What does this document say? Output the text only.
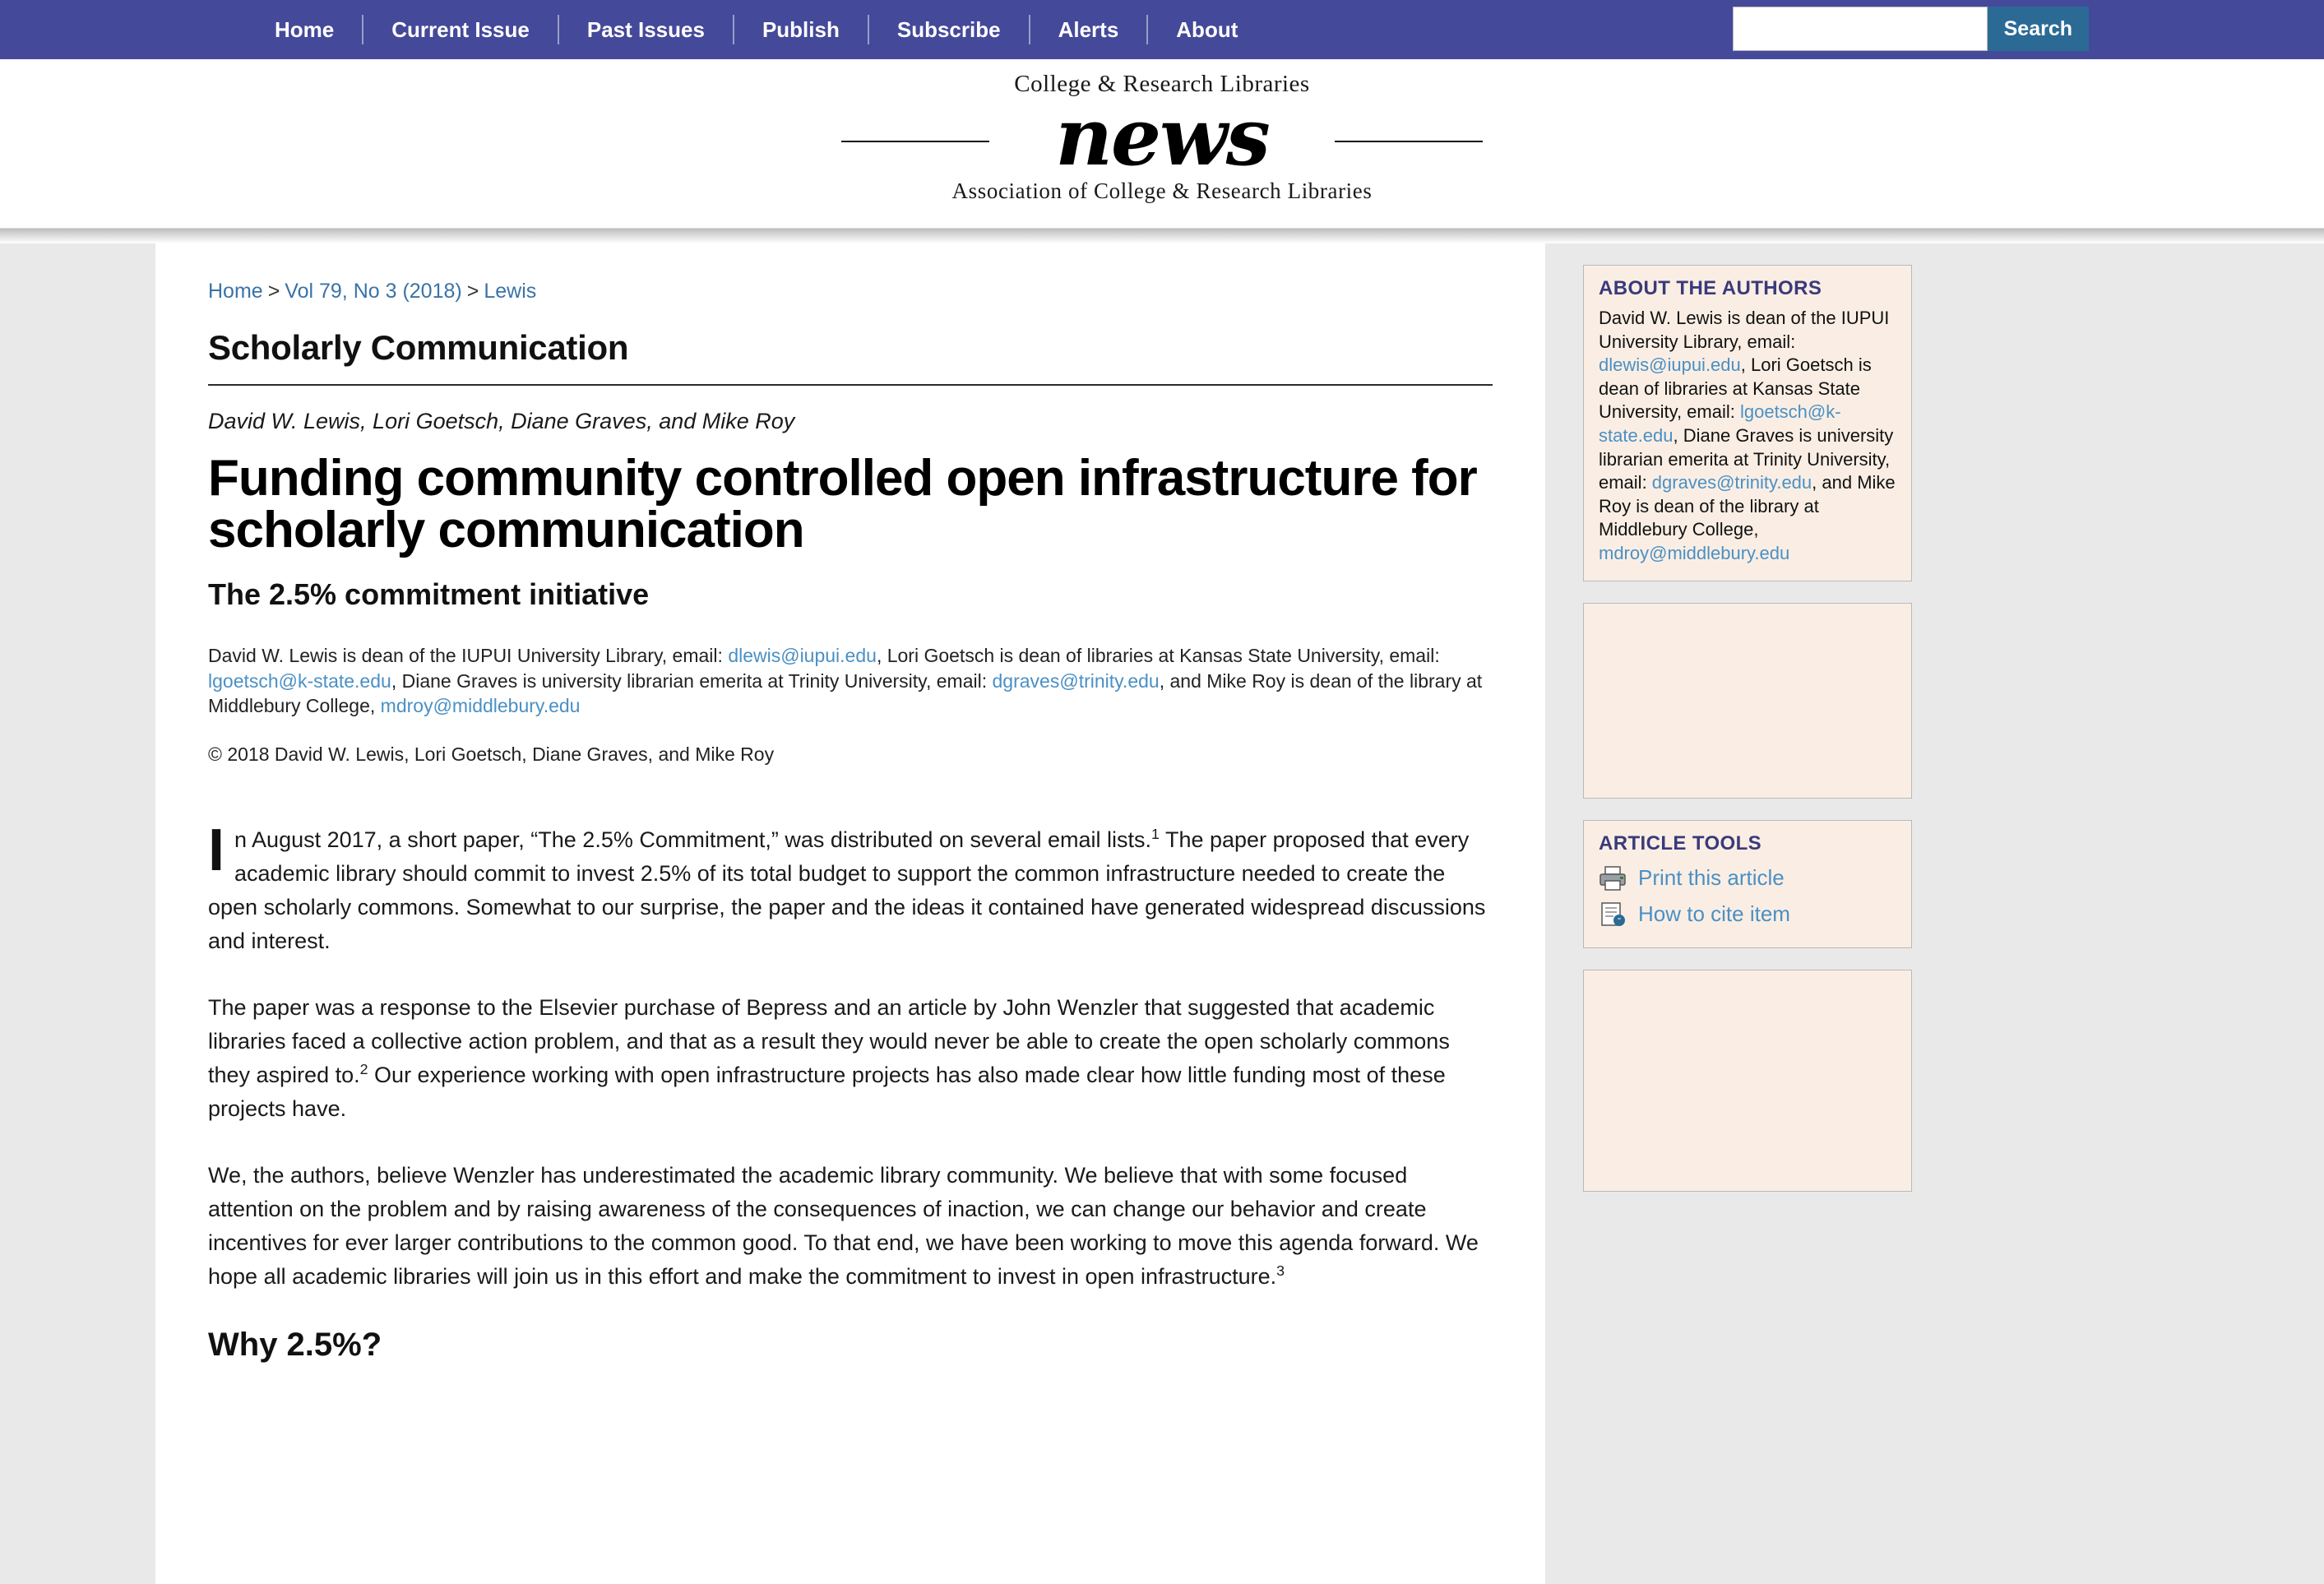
Home	Current Issue	Past Issues	Publish	Subscribe	Alerts	About	Search
College & Research Libraries
news
Association of College & Research Libraries
Home > Vol 79, No 3 (2018) > Lewis
Scholarly Communication
David W. Lewis, Lori Goetsch, Diane Graves, and Mike Roy
Funding community controlled open infrastructure for scholarly communication
The 2.5% commitment initiative
David W. Lewis is dean of the IUPUI University Library, email: dlewis@iupui.edu, Lori Goetsch is dean of libraries at Kansas State University, email: lgoetsch@k-state.edu, Diane Graves is university librarian emerita at Trinity University, email: dgraves@trinity.edu, and Mike Roy is dean of the library at Middlebury College, mdroy@middlebury.edu
© 2018 David W. Lewis, Lori Goetsch, Diane Graves, and Mike Roy

In August 2017, a short paper, “The 2.5% Commitment,” was distributed on several email lists.$^1$ The paper proposed that every academic library should commit to invest 2.5% of its total budget to support the common infrastructure needed to create the open scholarly commons. Somewhat to our surprise, the paper and the ideas it contained have generated widespread discussions and interest.

The paper was a response to the Elsevier purchase of Bepress and an article by John Wenzler that suggested that academic libraries faced a collective action problem, and that as a result they would never be able to create the open scholarly commons they aspired to.$^2$ Our experience working with open infrastructure projects has also made clear how little funding most of these projects have.

We, the authors, believe Wenzler has underestimated the academic library community. We believe that with some focused attention on the problem and by raising awareness of the consequences of inaction, we can change our behavior and create incentives for ever larger contributions to the common good. To that end, we have been working to move this agenda forward. We hope all academic libraries will join us in this effort and make the commitment to invest in open infrastructure.$^3$

Why 2.5%?
ABOUT THE AUTHORS
David W. Lewis is dean of the IUPUI University Library, email: dlewis@iupui.edu, Lori Goetsch is dean of libraries at Kansas State University, email: lgoetsch@k-state.edu, Diane Graves is university librarian emerita at Trinity University, email: dgraves@trinity.edu, and Mike Roy is dean of the library at Middlebury College, mdroy@middlebury.edu
ARTICLE TOOLS
Print this article
" How to cite item
